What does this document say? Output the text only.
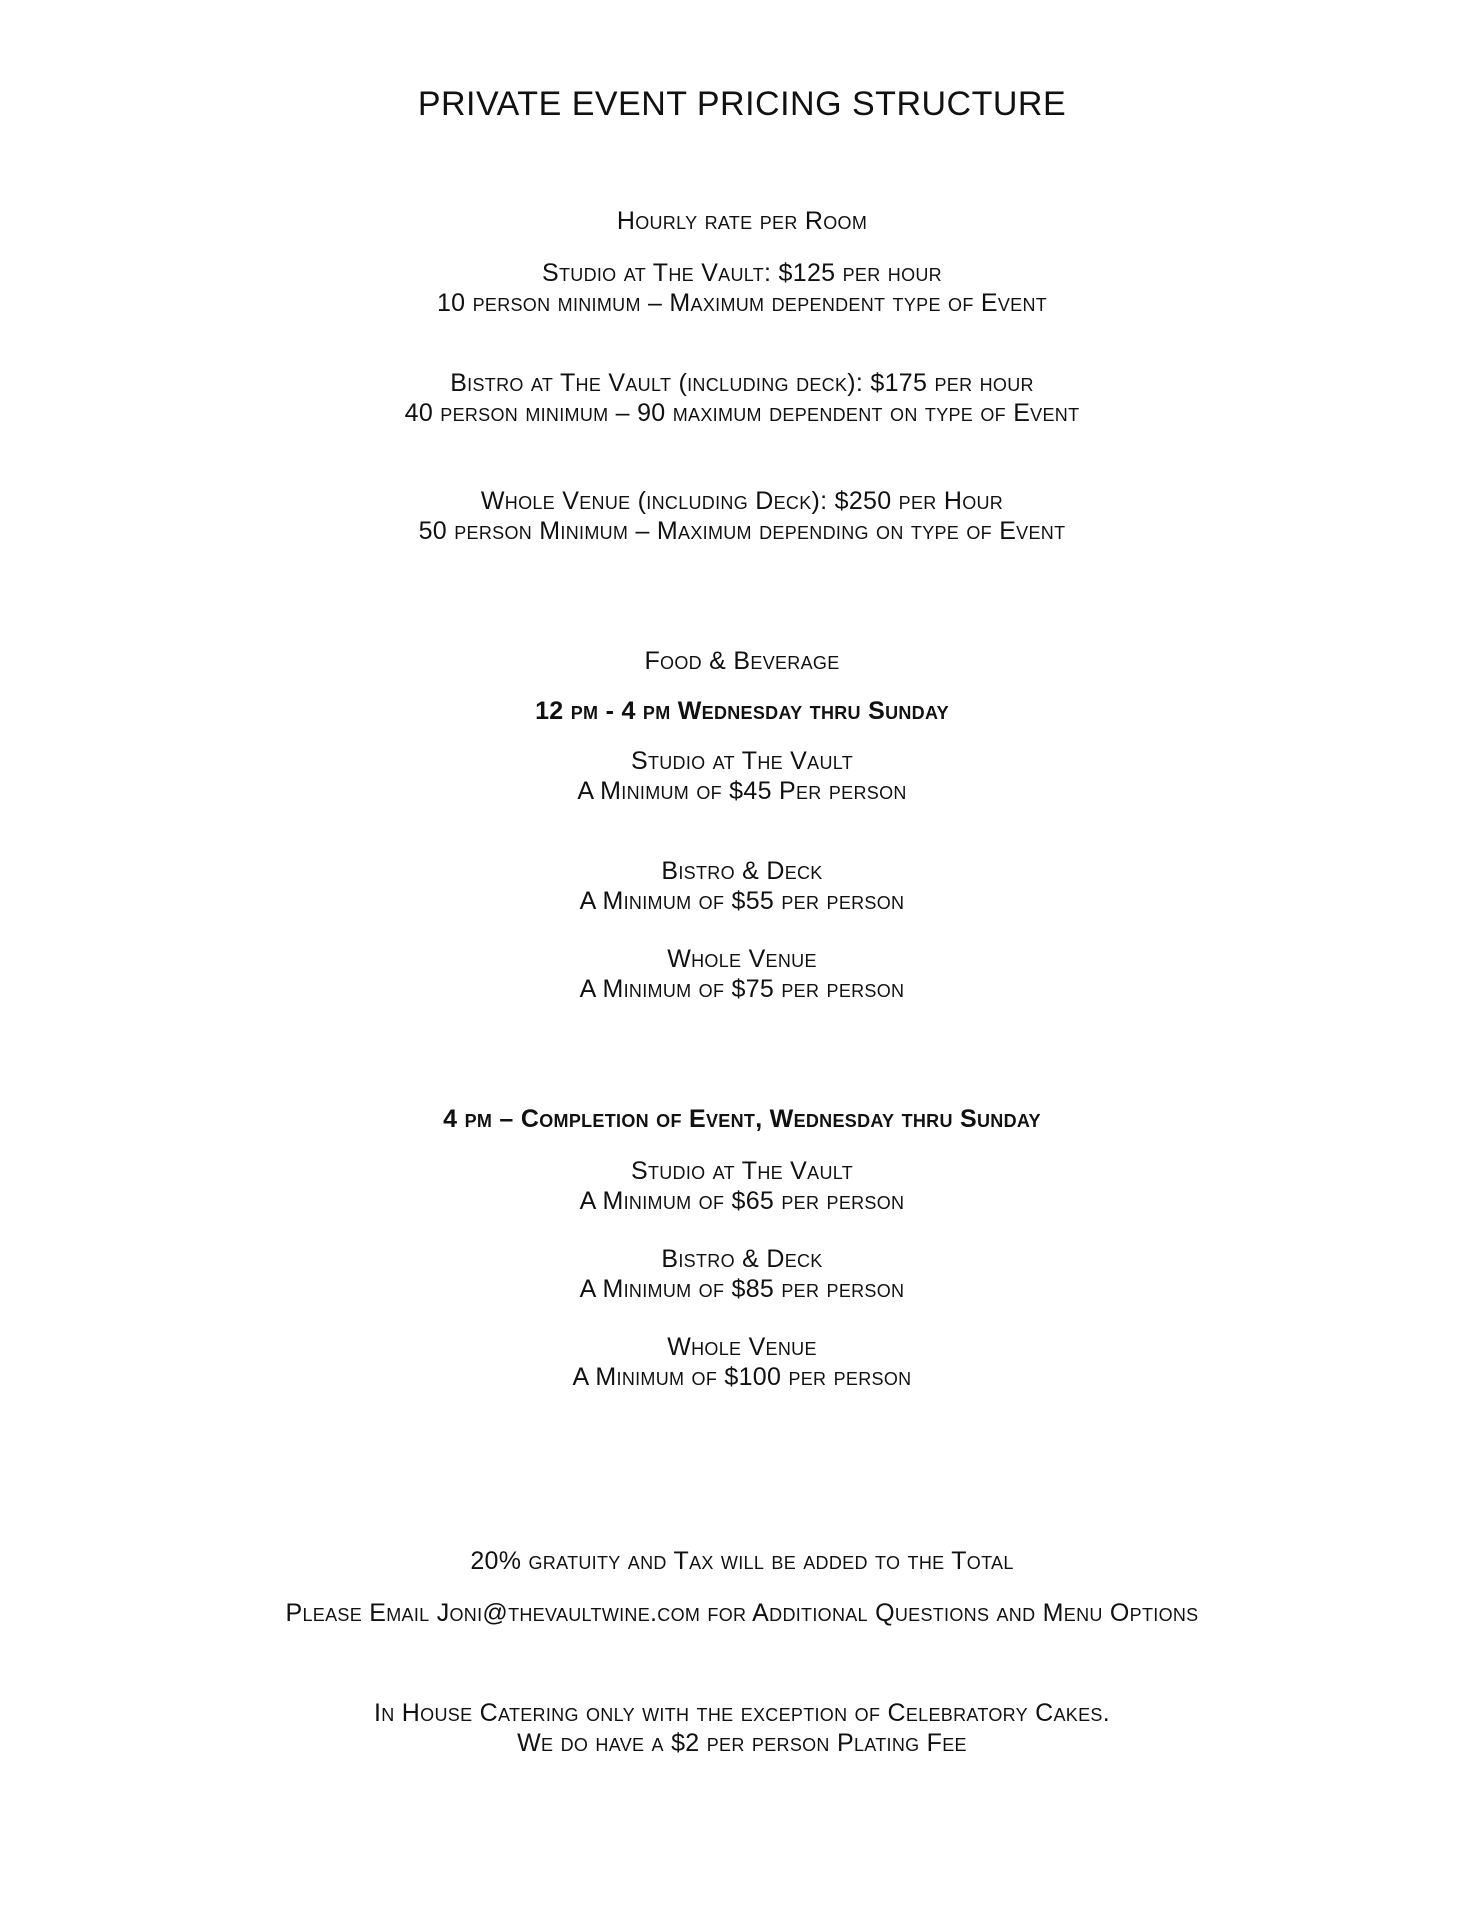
PRIVATE EVENT PRICING STRUCTURE
Hourly rate per Room
Studio at The Vault: $125 per hour
10 person minimum – Maximum dependent type of Event
Bistro at The Vault (including deck): $175 per hour
40 person minimum – 90 maximum dependent on type of Event
Whole Venue (including Deck): $250 per Hour
50 person Minimum – Maximum depending on type of Event
Food & Beverage
12 pm - 4 pm Wednesday thru Sunday
Studio at The Vault
A Minimum of $45 Per person
Bistro & Deck
A Minimum of $55 per person
Whole Venue
A Minimum of $75 per person
4 pm – Completion of Event, Wednesday thru Sunday
Studio at The Vault
A Minimum of $65 per person
Bistro & Deck
A Minimum of $85 per person
Whole Venue
A Minimum of $100 per person
20% gratuity and Tax will be added to the Total
Please Email Joni@thevaultwine.com for Additional Questions and Menu Options
In House Catering only with the exception of Celebratory Cakes.
We do have a $2 per person Plating Fee
